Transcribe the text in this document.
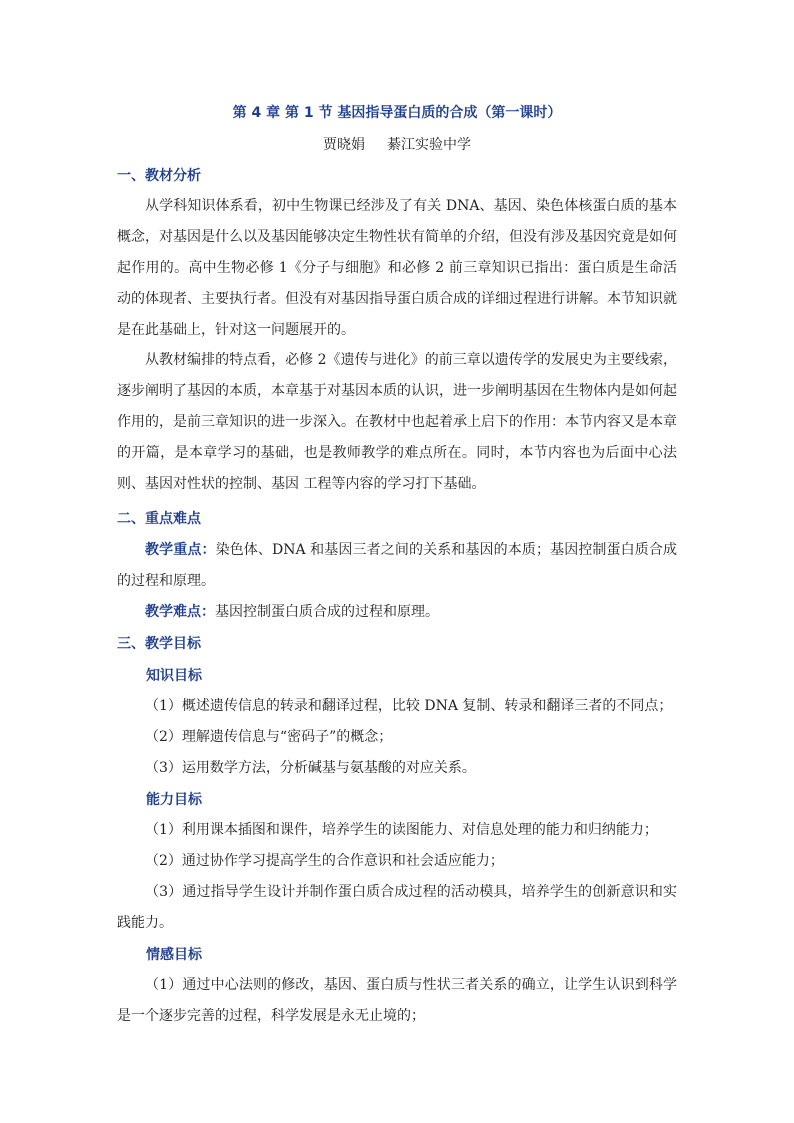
第 4 章 第 1 节 基因指导蛋白质的合成（第一课时）
贾晓娟 綦江实验中学
一、教材分析
从学科知识体系看，初中生物课已经涉及了有关 DNA、基因、染色体核蛋白质的基本概念，对基因是什么以及基因能够决定生物性状有简单的介绍，但没有涉及基因究竟是如何起作用的。高中生物必修 1《分子与细胞》和必修 2 前三章知识已指出：蛋白质是生命活动的体现者、主要执行者。但没有对基因指导蛋白质合成的详细过程进行讲解。本节知识就是在此基础上，针对这一问题展开的。
从教材编排的特点看，必修 2《遗传与进化》的前三章以遗传学的发展史为主要线索，逐步阐明了基因的本质，本章基于对基因本质的认识，进一步阐明基因在生物体内是如何起作用的，是前三章知识的进一步深入。在教材中也起着承上启下的作用：本节内容又是本章的开篇，是本章学习的基础，也是教师教学的难点所在。同时，本节内容也为后面中心法则、基因对性状的控制、基因 工程等内容的学习打下基础。
二、重点难点
教学重点：染色体、DNA 和基因三者之间的关系和基因的本质；基因控制蛋白质合成的过程和原理。
教学难点：基因控制蛋白质合成的过程和原理。
三、教学目标
知识目标
（1）概述遗传信息的转录和翻译过程，比较 DNA 复制、转录和翻译三者的不同点；
（2）理解遗传信息与“密码子”的概念；
（3）运用数学方法，分析碱基与氨基酸的对应关系。
能力目标
（1）利用课本插图和课件，培养学生的读图能力、对信息处理的能力和归纳能力；
（2）通过协作学习提高学生的合作意识和社会适应能力；
（3）通过指导学生设计并制作蛋白质合成过程的活动模具，培养学生的创新意识和实践能力。
情感目标
（1）通过中心法则的修改，基因、蛋白质与性状三者关系的确立，让学生认识到科学是一个逐步完善的过程，科学发展是永无止境的；
